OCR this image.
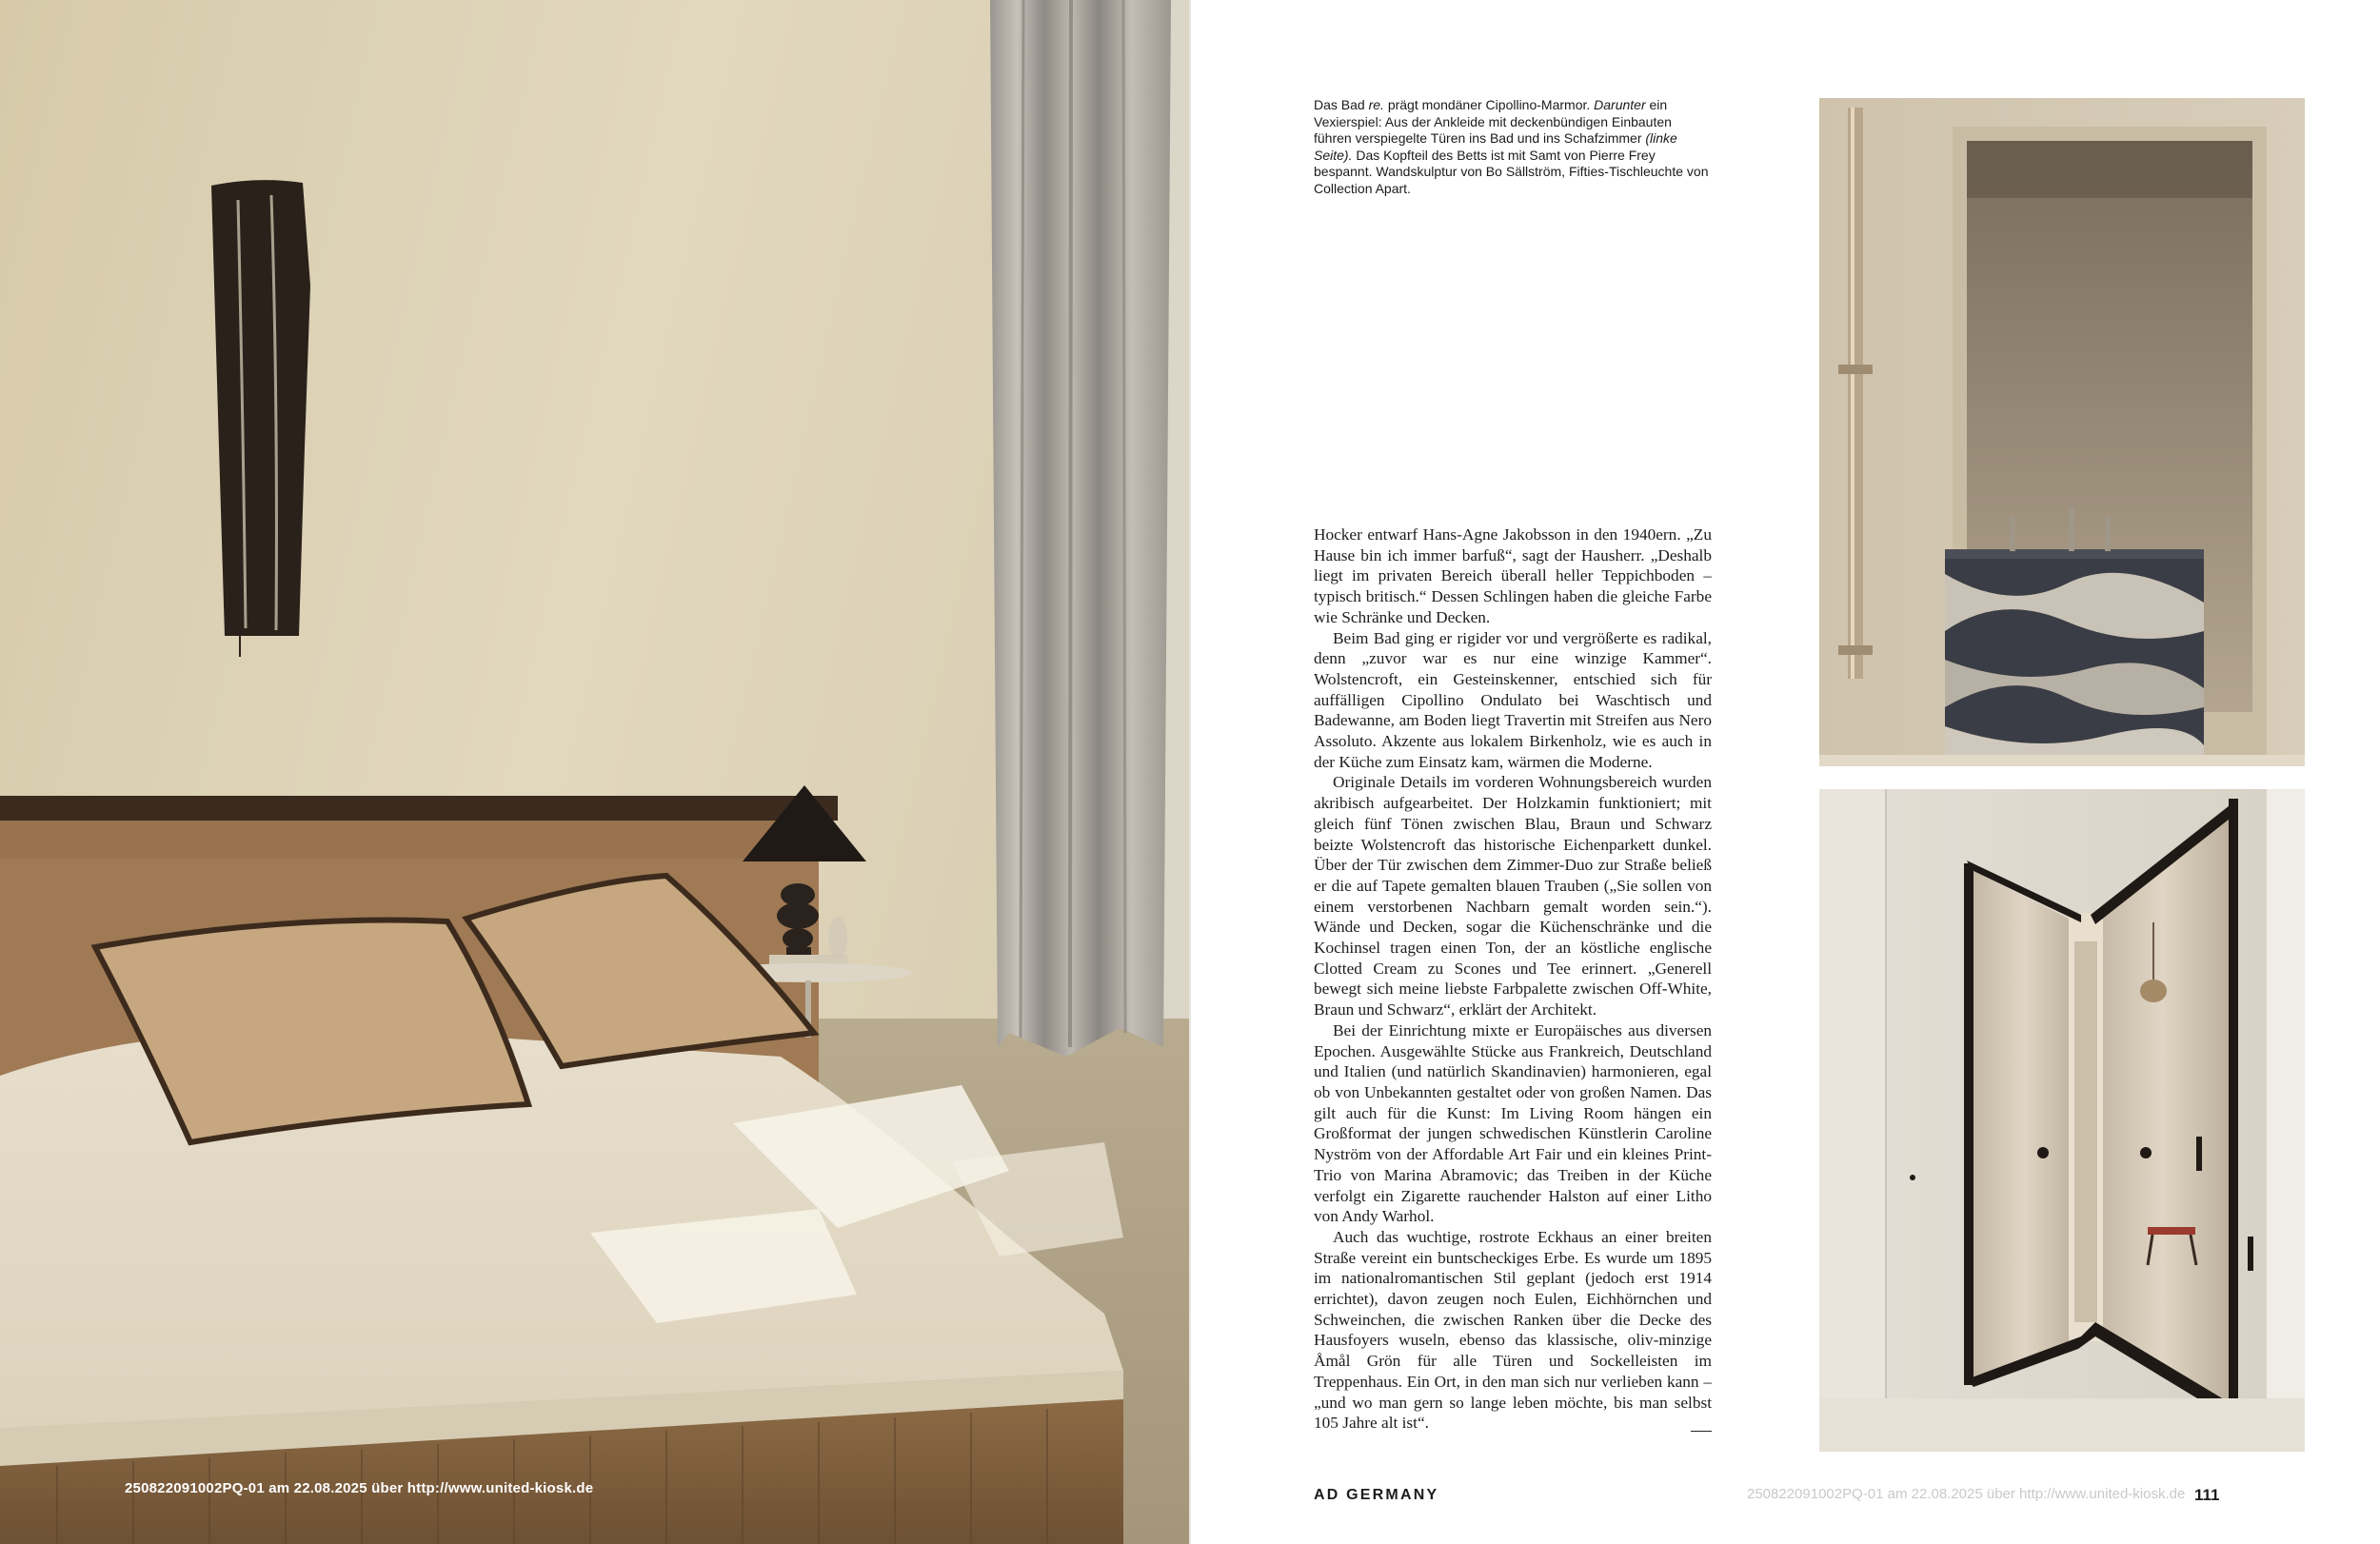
250822091002PQ-01 am 22.08.2025 über http://www.united-kiosk.de

Das Bad re. prägt mondäner Cipollino-Marmor. Darunter ein Vexierspiel: Aus der Ankleide mit deckenbündigen Einbauten führen verspiegelte Türen ins Bad und ins Schafzimmer (linke Seite). Das Kopfteil des Betts ist mit Samt von Pierre Frey bespannt. Wandskulptur von Bo Sällström, Fifties-Tischleuchte von Collection Apart.

Hocker entwarf Hans-Agne Jakobsson in den 1940ern. „Zu Hause bin ich immer barfuß“, sagt der Hausherr. „Deshalb liegt im privaten Bereich überall heller Teppichboden – typisch britisch.“ Dessen Schlingen haben die gleiche Farbe wie Schränke und Decken.

Beim Bad ging er rigider vor und vergrößerte es radikal, denn „zuvor war es nur eine winzige Kammer“. Wolstencroft, ein Gesteinskenner, entschied sich für auffälligen Cipollino Ondulato bei Waschtisch und Badewanne, am Boden liegt Travertin mit Streifen aus Nero Assoluto. Akzente aus lokalem Birkenholz, wie es auch in der Küche zum Einsatz kam, wärmen die Moderne.

Originale Details im vorderen Wohnungsbereich wurden akribisch aufgearbeitet. Der Holzkamin funktioniert; mit gleich fünf Tönen zwischen Blau, Braun und Schwarz beizte Wolstencroft das historische Eichenparkett dunkel. Über der Tür zwischen dem Zimmer-Duo zur Straße beließ er die auf Tapete gemalten blauen Trauben („Sie sollen von einem verstorbenen Nachbarn gemalt worden sein.“). Wände und Decken, sogar die Küchenschränke und die Kochinsel tragen einen Ton, der an köstliche englische Clotted Cream zu Scones und Tee erinnert. „Generell bewegt sich meine liebste Farbpalette zwischen Off-White, Braun und Schwarz“, erklärt der Architekt.

Bei der Einrichtung mixte er Europäisches aus diversen Epochen. Ausgewählte Stücke aus Frankreich, Deutschland und Italien (und natürlich Skandinavien) harmonieren, egal ob von Unbekannten gestaltet oder von großen Namen. Das gilt auch für die Kunst: Im Living Room hängen ein Großformat der jungen schwedischen Künstlerin Caroline Nyström von der Affordable Art Fair und ein kleines Print-Trio von Marina Abramovic; das Treiben in der Küche verfolgt ein Zigarette rauchender Halston auf einer Litho von Andy Warhol.

Auch das wuchtige, rostrote Eckhaus an einer breiten Straße vereint ein buntscheckiges Erbe. Es wurde um 1895 im nationalromantischen Stil geplant (jedoch erst 1914 errichtet), davon zeugen noch Eulen, Eichhörnchen und Schweinchen, die zwischen Ranken über die Decke des Hausfoyers wuseln, ebenso das klassische, oliv-minzige Åmål Grön für alle Türen und Sockelleisten im Treppenhaus. Ein Ort, in den man sich nur verlieben kann – „und wo man gern so lange leben möchte, bis man selbst 105 Jahre alt ist“.

AD GERMANY	250822091002PQ-01 am 22.08.2025 über http://www.united-kiosk.de 111
